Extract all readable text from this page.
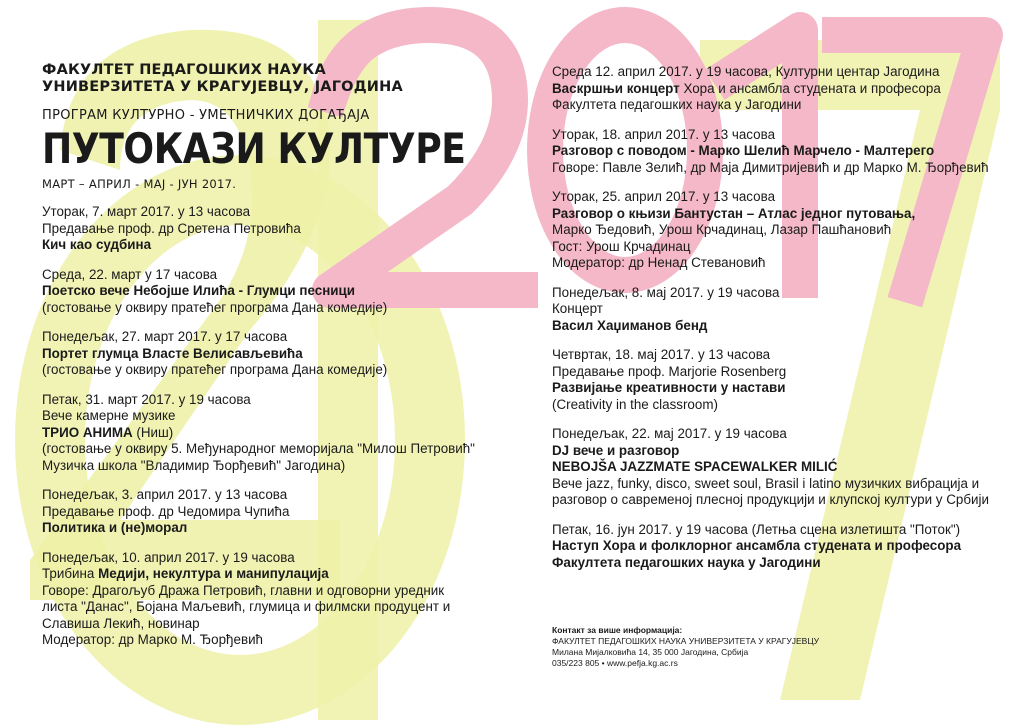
ФАКУЛТЕТ ПЕДАГОШКИХ НАУКА
УНИВЕРЗИТЕТА У КРАГУЈЕВЦУ, ЈАГОДИНА
ПРОГРАМ КУЛТУРНО - УМЕТНИЧКИХ ДОГАЂАЈА
ПУТОКАЗИ КУЛТУРЕ
МАРТ – АПРИЛ - МАЈ - ЈУН 2017.
Уторак, 7. март 2017. у 13 часова
Предавање проф. др Сретена Петровића
Кич као судбина
Среда, 22. март у 17 часова
Поетско вече Небојше Илића - Глумци песници
(гостовање у оквиру пратећег програма Дана комедије)
Понедељак, 27. март 2017. у 17 часова
Портет глумца Власте Велисављевића
(гостовање у оквиру пратећег програма Дана комедије)
Петак, 31. март 2017. у 19 часова
Вече камерне музике
ТРИО АНИМА (Ниш)
(гостовање у оквиру 5. Међународног меморијала "Милош Петровић"
Музичка школа "Владимир Ђорђевић" Јагодина)
Понедељак, 3. април 2017. у 13 часова
Предавање проф. др Чедомира Чупића
Политика и (не)морал
Понедељак, 10. април 2017. у 19 часова
Трибина Медији, некултура и манипулација
Говоре: Драгољуб Дража Петровић, главни и одговорни уредник
листа "Данас", Бојана Маљевић, глумица и филмски продуцент и
Славиша Лекић, новинар
Модератор: др Марко М. Ђорђевић
Среда 12. април 2017. у 19 часова, Културни центар Јагодина
Васкршњи концерт Хора и ансамбла студената и професора
Факултета педагошких наука у Јагодини
Уторак, 18. април 2017. у 13 часова
Разговор с поводом - Марко Шелић Марчело - Малтерего
Говоре: Павле Зелић, др Маја Димитријевић и др Марко М. Ђорђевић
Уторак, 25. април 2017. у 13 часова
Разговор о књизи Бантустан – Атлас једног путовања,
Марко Ђедовић, Урош Крчадинац, Лазар Пашћановић
Гост: Урош Крчадинац
Модератор: др Ненад Стевановић
Понедељак, 8. мај 2017. у 19 часова
Концерт
Васил Хаџиманов бенд
Четвртак, 18. мај 2017. у 13 часова
Предавање проф. Marjorie Rosenberg
Развијање креативности у настави
(Creativity in the classroom)
Понедељак, 22. мај 2017. у 19 часова
DJ вече и разговор
NEBOJŠA JAZZMATE SPACEWALKER MILIĆ
Вече jazz, funky, disco, sweet soul, Brasil i latino музичких вибрација и разговор о савременој плесној продукцији и клупској култури у Србији
Петак, 16. јун 2017. у 19 часова (Летња сцена излетишта "Поток")
Наступ Хора и фолклорног ансамбла студената и професора
Факултета педагошких наука у Јагодини
Контакт за више информација:
ФАКУЛТЕТ ПЕДАГОШКИХ НАУКА УНИВЕРЗИТЕТА У КРАГУЈЕВЦУ
Милана Мијалковића 14, 35 000 Јагодина, Србија
035/223 805 • www.pefja.kg.ac.rs
